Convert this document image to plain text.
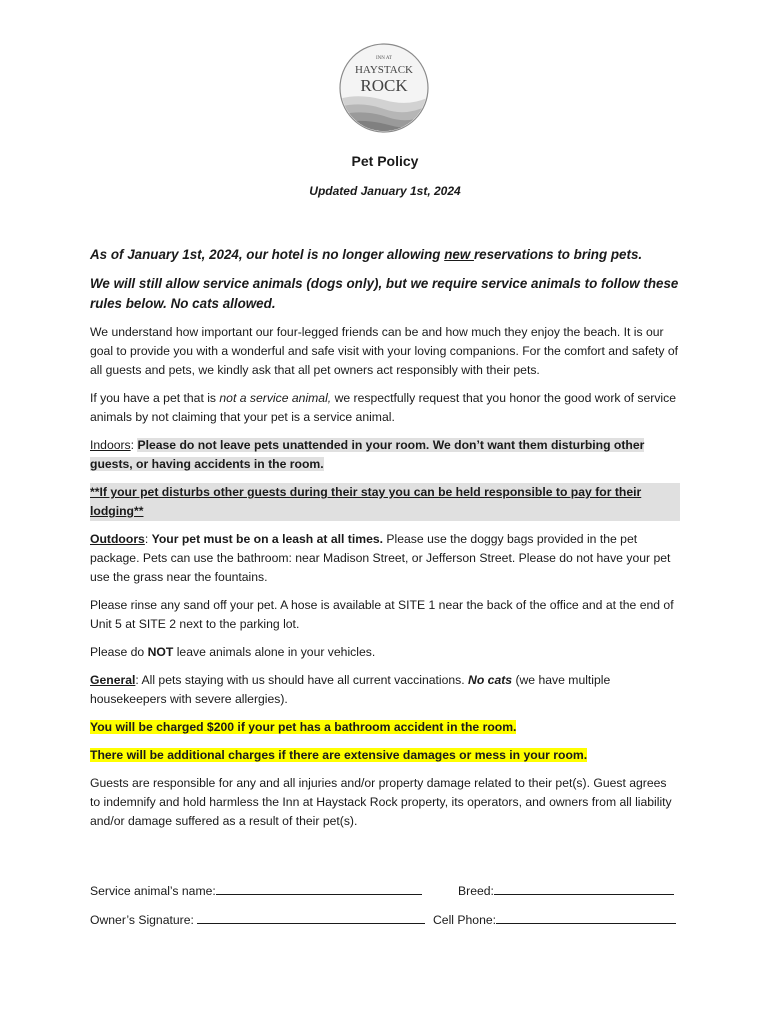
INN AT
HAYSTACK
ROCK
Pet Policy
Updated January 1st, 2024

As of January 1st, 2024, our hotel is no longer allowing new reservations to bring pets.

We will still allow service animals (dogs only), but we require service animals to follow these rules below. No cats allowed.

We understand how important our four-legged friends can be and how much they enjoy the beach. It is our goal to provide you with a wonderful and safe visit with your loving companions. For the comfort and safety of all guests and pets, we kindly ask that all pet owners act responsibly with their pets.

If you have a pet that is not a service animal, we respectfully request that you honor the good work of service animals by not claiming that your pet is a service animal.

Indoors: Please do not leave pets unattended in your room. We don’t want them disturbing other guests, or having accidents in the room.

**If your pet disturbs other guests during their stay you can be held responsible to pay for their lodging**

Outdoors: Your pet must be on a leash at all times. Please use the doggy bags provided in the pet package. Pets can use the bathroom: near Madison Street, or Jefferson Street. Please do not have your pet use the grass near the fountains.

Please rinse any sand off your pet. A hose is available at SITE 1 near the back of the office and at the end of Unit 5 at SITE 2 next to the parking lot.

Please do NOT leave animals alone in your vehicles.

General: All pets staying with us should have all current vaccinations. No cats (we have multiple housekeepers with severe allergies).

You will be charged $200 if your pet has a bathroom accident in the room.

There will be additional charges if there are extensive damages or mess in your room.

Guests are responsible for any and all injuries and/or property damage related to their pet(s). Guest agrees to indemnify and hold harmless the Inn at Haystack Rock property, its operators, and owners from all liability and/or damage suffered as a result of their pet(s).

Service animal’s name:	Breed:
Owner’s Signature:	Cell Phone:
